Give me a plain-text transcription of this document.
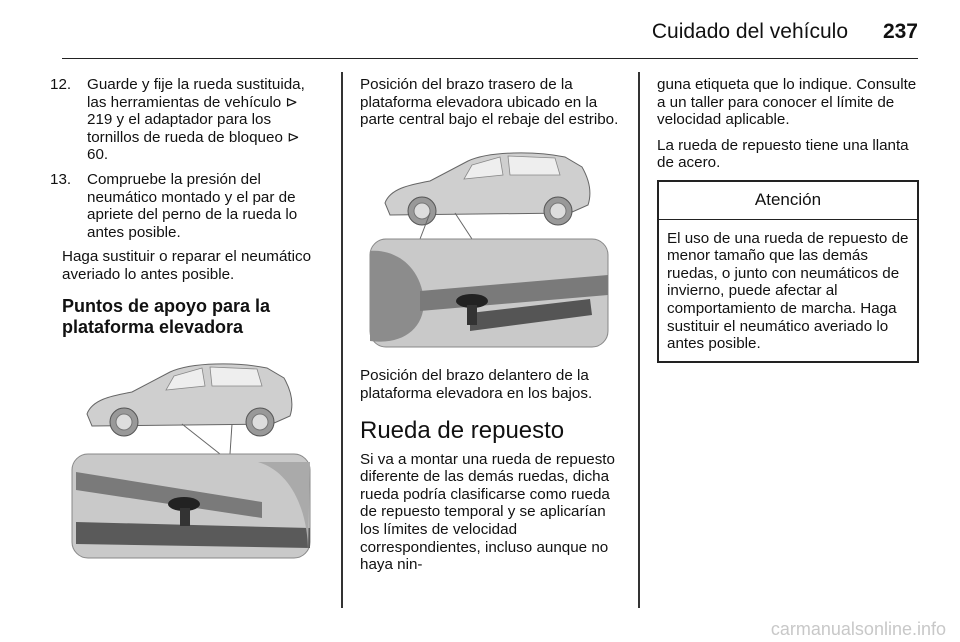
Cuidado del vehículo 237
12. Guarde y fije la rueda sustituida, las herramientas de vehículo ⊳ 219 y el adaptador para los tornillos de rueda de bloqueo ⊳ 60.
13. Compruebe la presión del neumático montado y el par de apriete del perno de la rueda lo antes posible.

Haga sustituir o reparar el neumático averiado lo antes posible.

Puntos de apoyo para la plataforma elevadora

Posición del brazo trasero de la plataforma elevadora ubicado en la parte central bajo el rebaje del estribo.

Posición del brazo delantero de la plataforma elevadora en los bajos.

Rueda de repuesto

Si va a montar una rueda de repuesto diferente de las demás ruedas, dicha rueda podría clasificarse como rueda de repuesto temporal y se aplicarían los límites de velocidad correspondientes, incluso aunque no haya nin-

guna etiqueta que lo indique. Consulte a un taller para conocer el límite de velocidad aplicable.

La rueda de repuesto tiene una llanta de acero.

Atención
El uso de una rueda de repuesto de menor tamaño que las demás ruedas, o junto con neumáticos de invierno, puede afectar al comportamiento de marcha. Haga sustituir el neumático averiado lo antes posible.
carmanualsonline.info
